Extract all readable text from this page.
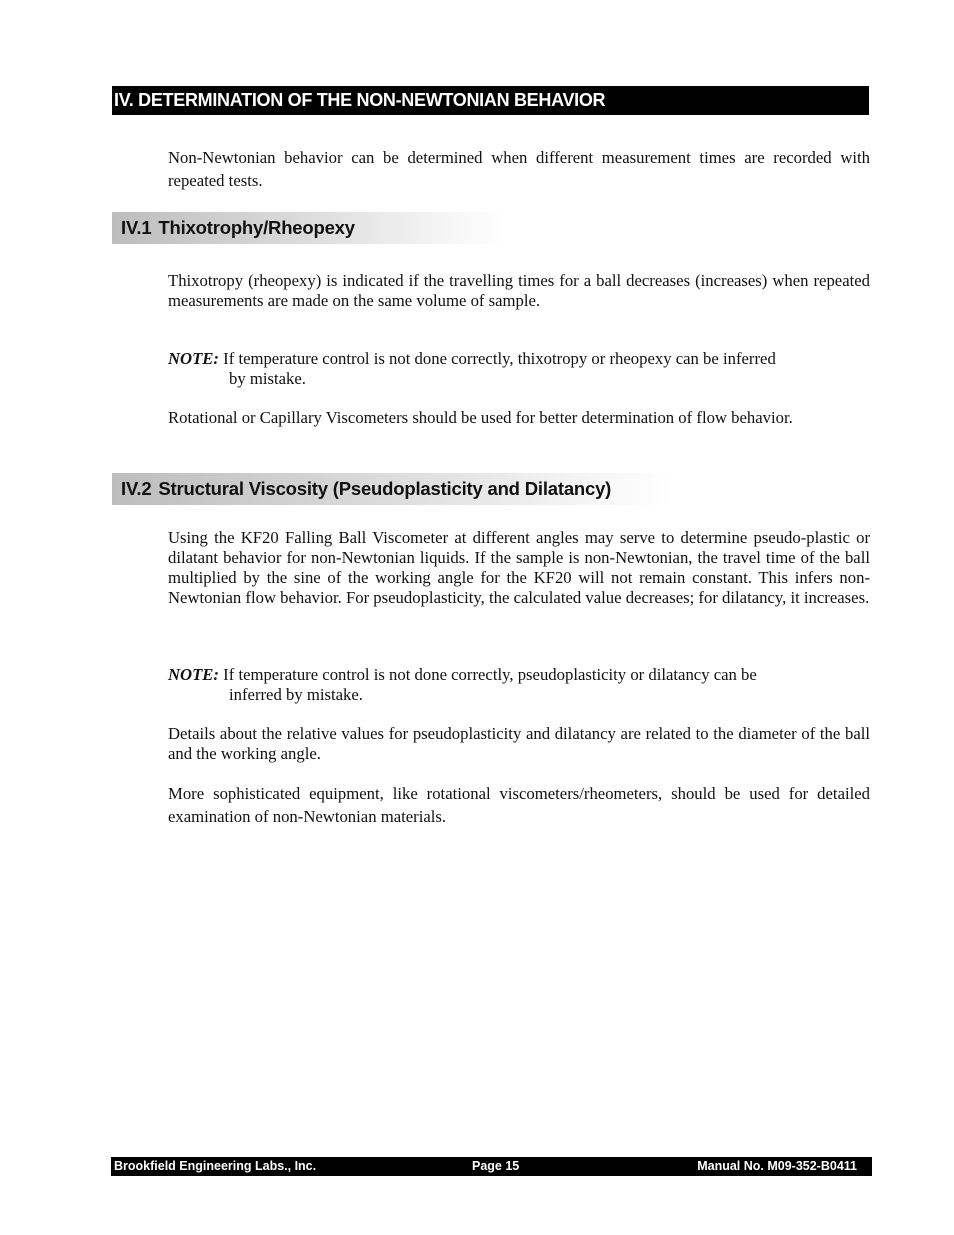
IV. DETERMINATION OF THE NON-NEWTONIAN BEHAVIOR

Non-Newtonian behavior can be determined when different measurement times are recorded with repeated tests.

IV.1 Thixotrophy/Rheopexy

Thixotropy (rheopexy) is indicated if the travelling times for a ball decreases (increases) when repeated measurements are made on the same volume of sample.

NOTE: If temperature control is not done correctly, thixotropy or rheopexy can be inferred
by mistake.

Rotational or Capillary Viscometers should be used for better determination of flow behavior.

IV.2 Structural Viscosity (Pseudoplasticity and Dilatancy)

Using the KF20 Falling Ball Viscometer at different angles may serve to determine pseudo-plastic or dilatant behavior for non-Newtonian liquids. If the sample is non-Newtonian, the travel time of the ball multiplied by the sine of the working angle for the KF20 will not remain constant. This infers non-Newtonian flow behavior. For pseudoplasticity, the calculated value decreases; for dilatancy, it increases.

NOTE: If temperature control is not done correctly, pseudoplasticity or dilatancy can be
inferred by mistake.

Details about the relative values for pseudoplasticity and dilatancy are related to the diameter of the ball and the working angle.

More sophisticated equipment, like rotational viscometers/rheometers, should be used for detailed examination of non-Newtonian materials.

Brookfield Engineering Labs., Inc.	Page 15	Manual No. M09-352-B0411
